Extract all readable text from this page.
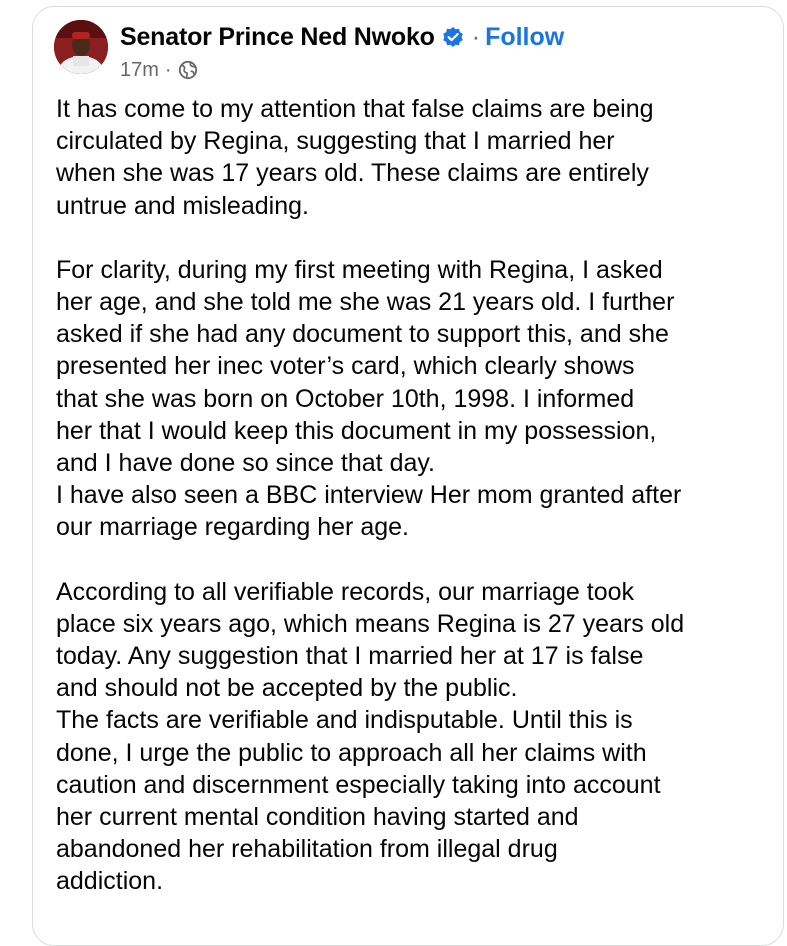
Senator Prince Ned Nwoko · Follow
17m ·
It has come to my attention that false claims are being
circulated by Regina, suggesting that I married her
when she was 17 years old. These claims are entirely
untrue and misleading.
For clarity, during my first meeting with Regina, I asked
her age, and she told me she was 21 years old. I further
asked if she had any document to support this, and she
presented her inec voter’s card, which clearly shows
that she was born on October 10th, 1998. I informed
her that I would keep this document in my possession,
and I have done so since that day.
I have also seen a BBC interview Her mom granted after
our marriage regarding her age.
According to all verifiable records, our marriage took
place six years ago, which means Regina is 27 years old
today. Any suggestion that I married her at 17 is false
and should not be accepted by the public.
The facts are verifiable and indisputable. Until this is
done, I urge the public to approach all her claims with
caution and discernment especially taking into account
her current mental condition having started and
abandoned her rehabilitation from illegal drug
addiction.
